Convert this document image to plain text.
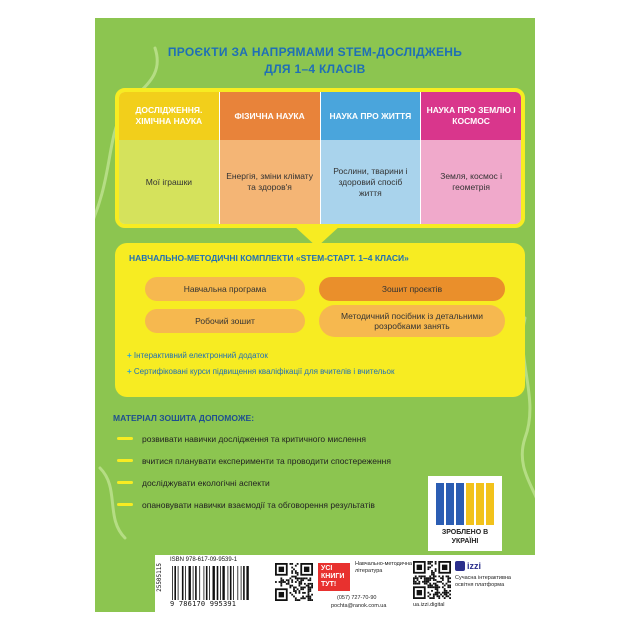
ПРОЄКТИ ЗА НАПРЯМАМИ STEM-ДОСЛІДЖЕНЬ
ДЛЯ 1–4 КЛАСІВ
ДОСЛІДЖЕННЯ. ХІМІЧНА НАУКА
Мої іграшки
ФІЗИЧНА НАУКА
Енергія, зміни клімату та здоров'я
НАУКА ПРО ЖИТТЯ
Рослини, тварини і здоровий спосіб життя
НАУКА ПРО ЗЕМЛЮ І КОСМОС
Земля, космос і геометрія
НАВЧАЛЬНО-МЕТОДИЧНІ КОМПЛЕКТИ «STEM-СТАРТ. 1–4 КЛАСИ»
Навчальна програма	Зошит проєктів
Робочий зошит
Методичний посібник із детальними розробками занять
+ Інтерактивний електронний додаток
+ Сертифіковані курси підвищення кваліфікації для вчителів і вчительок
МАТЕРІАЛ ЗОШИТА ДОПОМОЖЕ:
розвивати навички дослідження та критичного мислення
вчитися планувати експерименти та проводити спостереження
досліджувати екологічні аспекти
опановувати навички взаємодії та обговорення результатів
ЗРОБЛЕНО В УКРАЇНІ
25505115
ISBN 978-617-09-9539-1
9 786170 995391
УСІ КНИГИ ТУТ!
Навчально-методична література
(057) 727-70-90
pochta@ranok.com.ua
izzi
Сучасна інтерактивна освітня платформа
ua.izzi.digital
